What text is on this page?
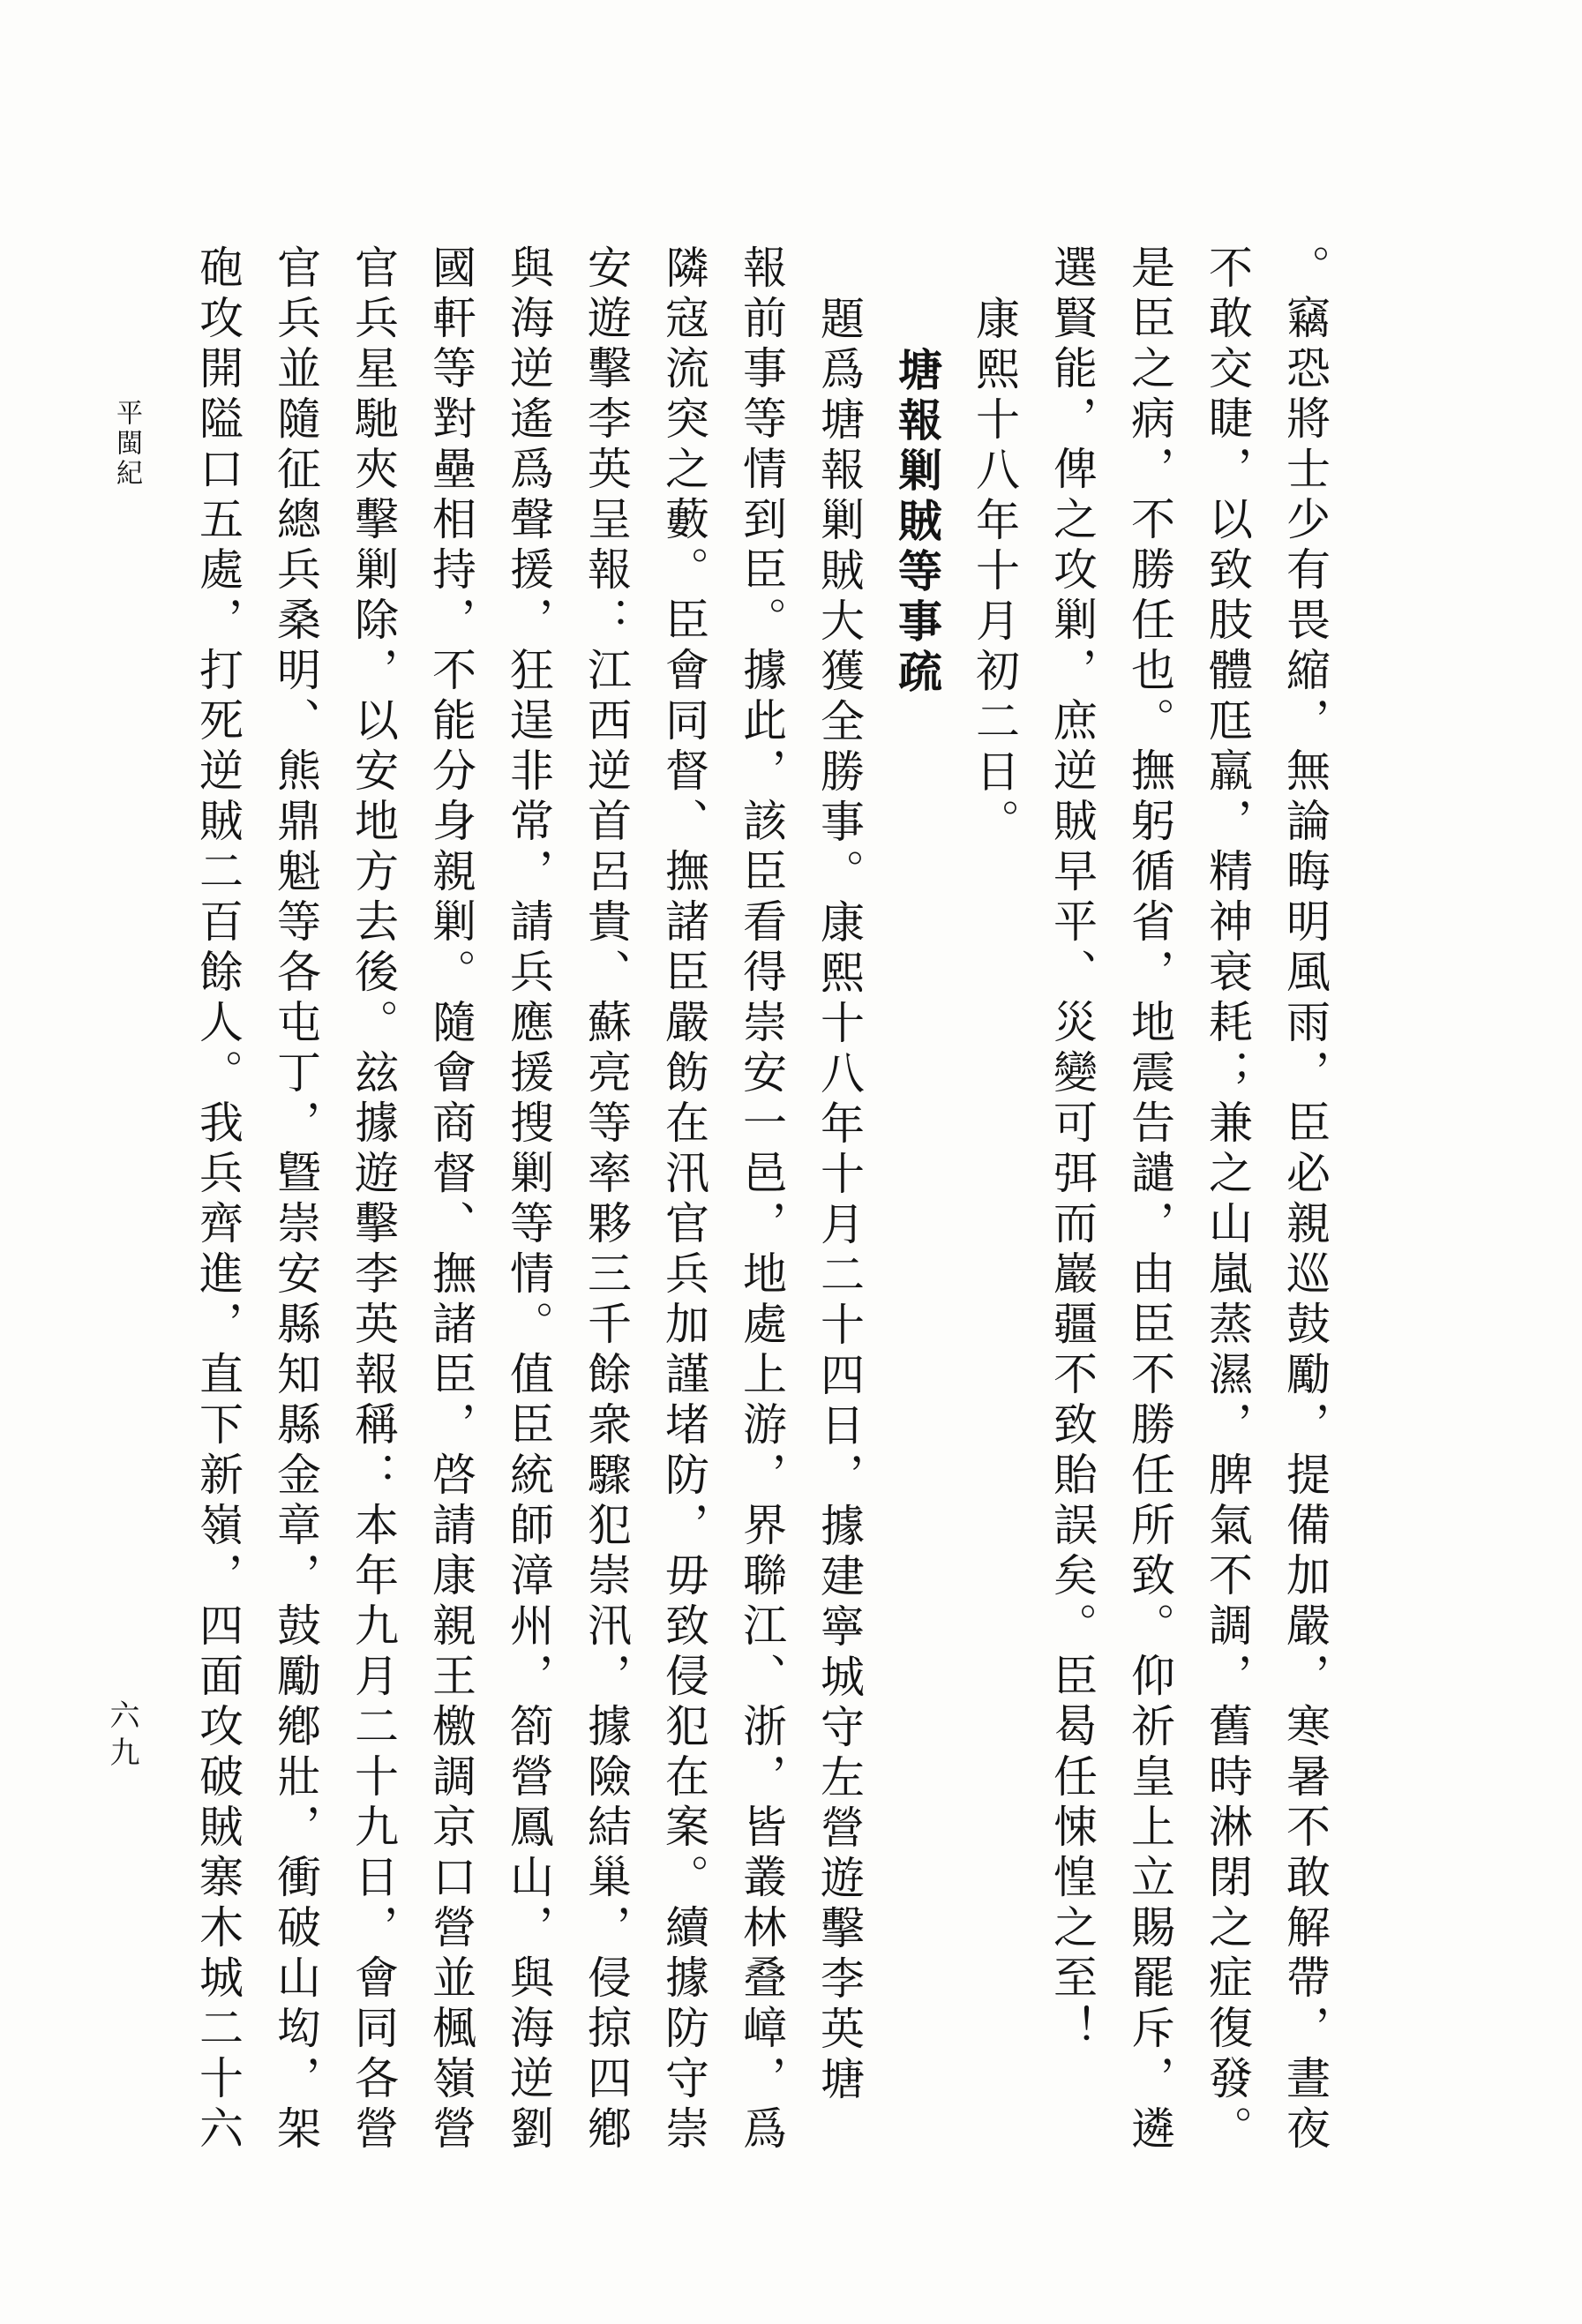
。竊恐將士少有畏縮，無論晦明風雨，臣必親巡鼓勵，提備加嚴，寒暑不敢解帶，晝夜
不敢交睫，以致肢體尫羸，精神衰耗；兼之山嵐蒸濕，脾氣不調，舊時淋閉之症復發。
是臣之病，不勝任也。撫躬循省，地震告譴，由臣不勝任所致。仰祈皇上立賜罷斥，遴
選賢能，俾之攻剿，庶逆賊早平、災變可弭而巖疆不致貽誤矣。臣曷任悚惶之至！
康熙十八年十月初二日。
塘報剿賊等事疏
題爲塘報剿賊大獲全勝事。康熙十八年十月二十四日，據建寧城守左營遊擊李英塘
報前事等情到臣。據此，該臣看得崇安一邑，地處上游，界聯江、浙，皆叢林叠嶂，爲
隣寇流突之藪。臣會同督、撫諸臣嚴飭在汛官兵加謹堵防，毋致侵犯在案。續據防守崇
安遊擊李英呈報：江西逆首呂貴、蘇亮等率夥三千餘衆驟犯崇汛，據險結巢，侵掠四鄕
與海逆遙爲聲援，狂逞非常，請兵應援搜剿等情。值臣統師漳州，箚營鳳山，與海逆劉
國軒等對壘相持，不能分身親剿。隨會商督、撫諸臣，啓請康親王檄調京口營並楓嶺營
官兵星馳夾擊剿除，以安地方去後。玆據遊擊李英報稱：本年九月二十九日，會同各營
官兵並隨征總兵桑明、熊鼎魁等各屯丁，曁崇安縣知縣金章，鼓勵鄕壯，衝破山㘭，架
砲攻開隘口五處，打死逆賊二百餘人。我兵齊進，直下新嶺，四面攻破賊寨木城二十六
平閩紀
六九
